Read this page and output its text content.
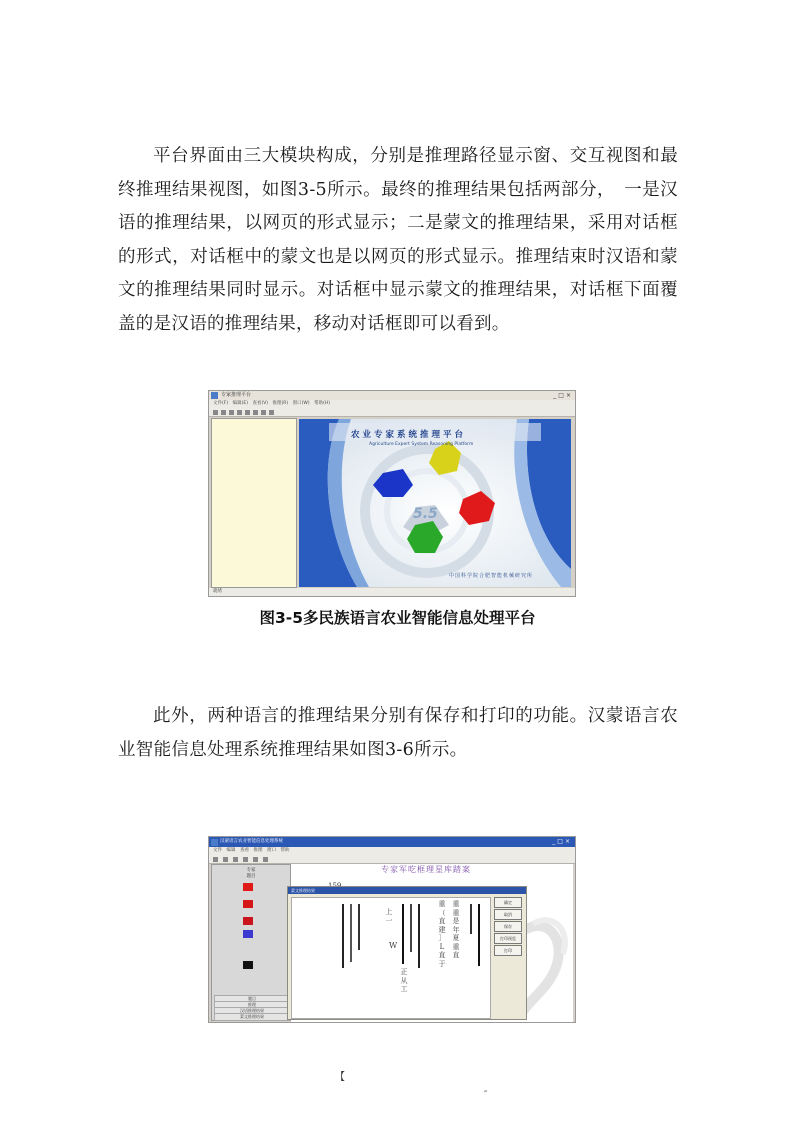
平台界面由三大模块构成，分别是推理路径显示窗、交互视图和最终推理结果视图，如图3-5所示。最终的推理结果包括两部分，　一是汉语的推理结果，以网页的形式显示；二是蒙文的推理结果，采用对话框的形式，对话框中的蒙文也是以网页的形式显示。推理结束时汉语和蒙文的推理结果同时显示。对话框中显示蒙文的推理结果，对话框下面覆盖的是汉语的推理结果，移动对话框即可以看到。

专家推理平台	_□×
文件(F)　编辑(E)　查看(V)　推理(R)　窗口(W)　帮助(H)
农业专家系统推理平台
Agriculture Expert System Reasoning Platform
5.5
中国科学院合肥智能机械研究所
就绪
图3-5多民族语言农业智能信息处理平台

此外，两种语言的推理结果分别有保存和打印的功能。汉蒙语言农业智能信息处理系统推理结果如图3-6所示。

汉蒙语言农业智能信息处理系统	_□×
文件　编辑　查看　推理　窗口　帮助
专家
题目
题目
推理
汉语推理结果
蒙文推理结果
专家军吃框理星库踏案
蒙文推理结果
上
一
W
正
从
工
重
（
直
建
］
L
直
于
重
重
是
年
夏
重
直
确定
取消
保存
打印预览
打印
【
″
